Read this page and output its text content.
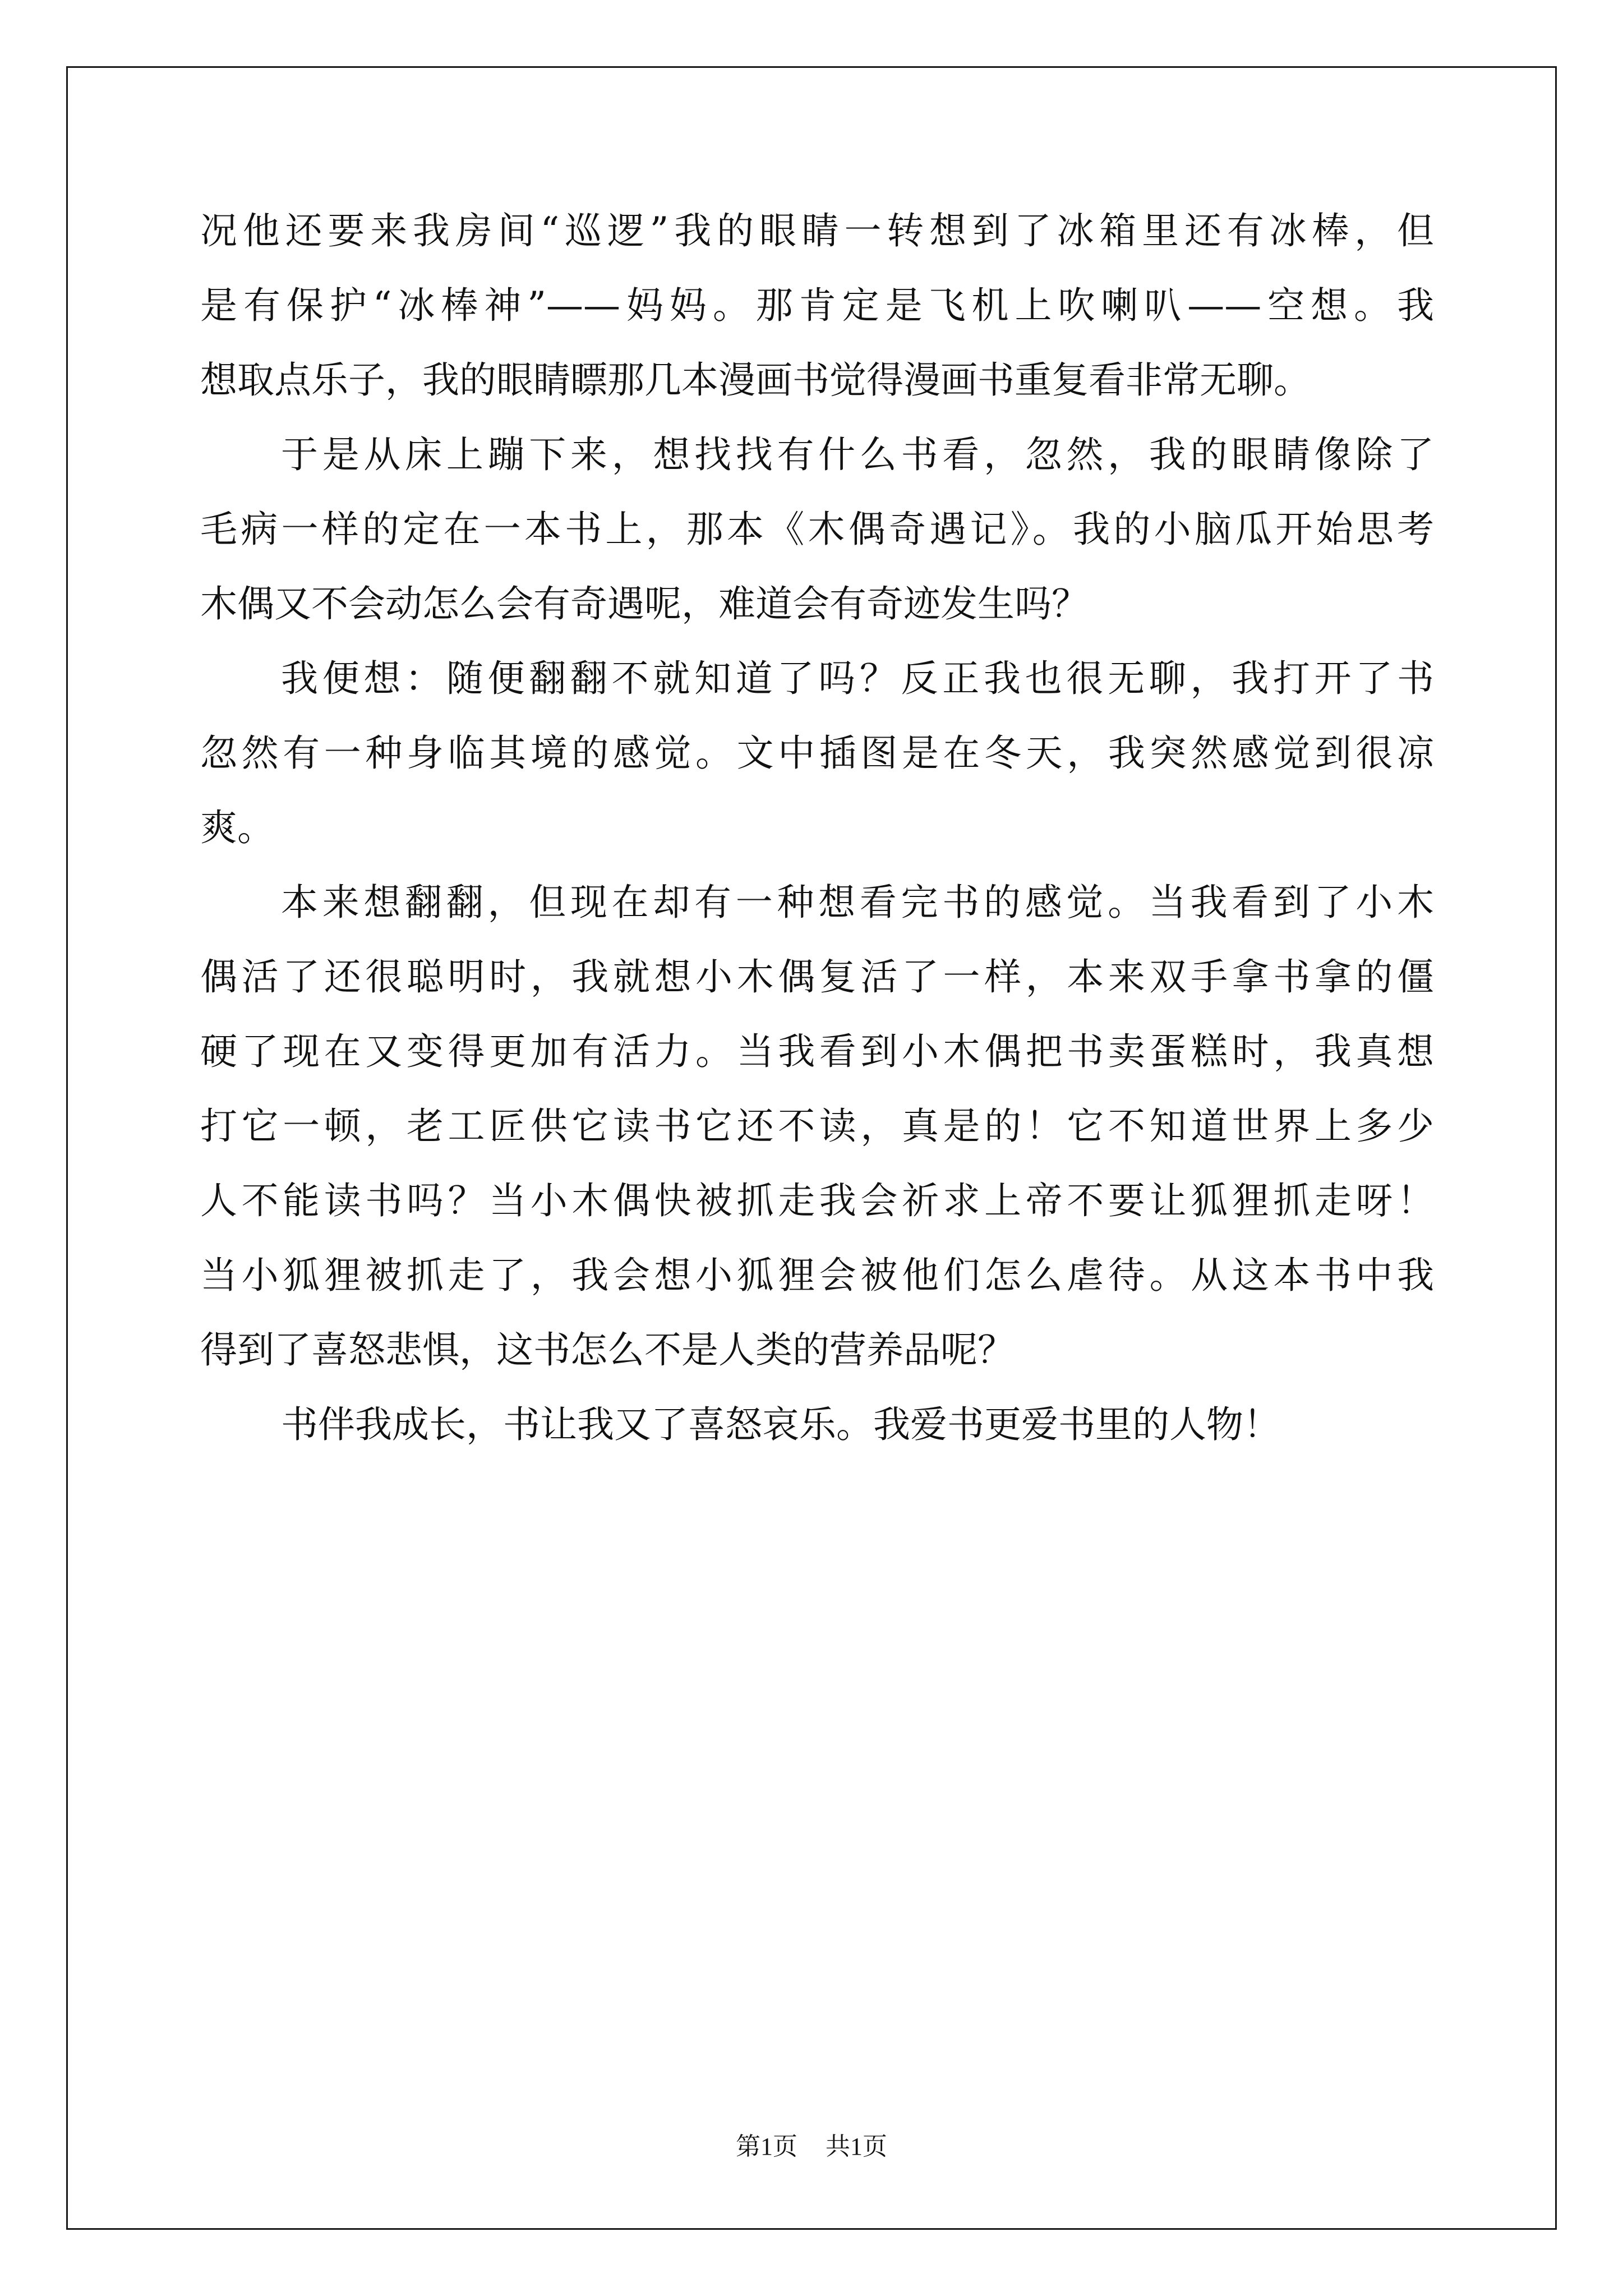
况他还要来我房间“巡逻”我的眼睛一转想到了冰箱里还有冰棒，但
是有保护“冰棒神”——妈妈。那肯定是飞机上吹喇叭——空想。我
想取点乐子，我的眼睛瞟那几本漫画书觉得漫画书重复看非常无聊。
于是从床上蹦下来，想找找有什么书看，忽然，我的眼睛像除了
毛病一样的定在一本书上，那本《木偶奇遇记》。我的小脑瓜开始思考
木偶又不会动怎么会有奇遇呢，难道会有奇迹发生吗？
我便想：随便翻翻不就知道了吗？反正我也很无聊，我打开了书
忽然有一种身临其境的感觉。文中插图是在冬天，我突然感觉到很凉
爽。
本来想翻翻，但现在却有一种想看完书的感觉。当我看到了小木
偶活了还很聪明时，我就想小木偶复活了一样，本来双手拿书拿的僵
硬了现在又变得更加有活力。当我看到小木偶把书卖蛋糕时，我真想
打它一顿，老工匠供它读书它还不读，真是的！它不知道世界上多少
人不能读书吗？当小木偶快被抓走我会祈求上帝不要让狐狸抓走呀！
当小狐狸被抓走了，我会想小狐狸会被他们怎么虐待。从这本书中我
得到了喜怒悲惧，这书怎么不是人类的营养品呢？
书伴我成长，书让我又了喜怒哀乐。我爱书更爱书里的人物！
第1页 共1页
